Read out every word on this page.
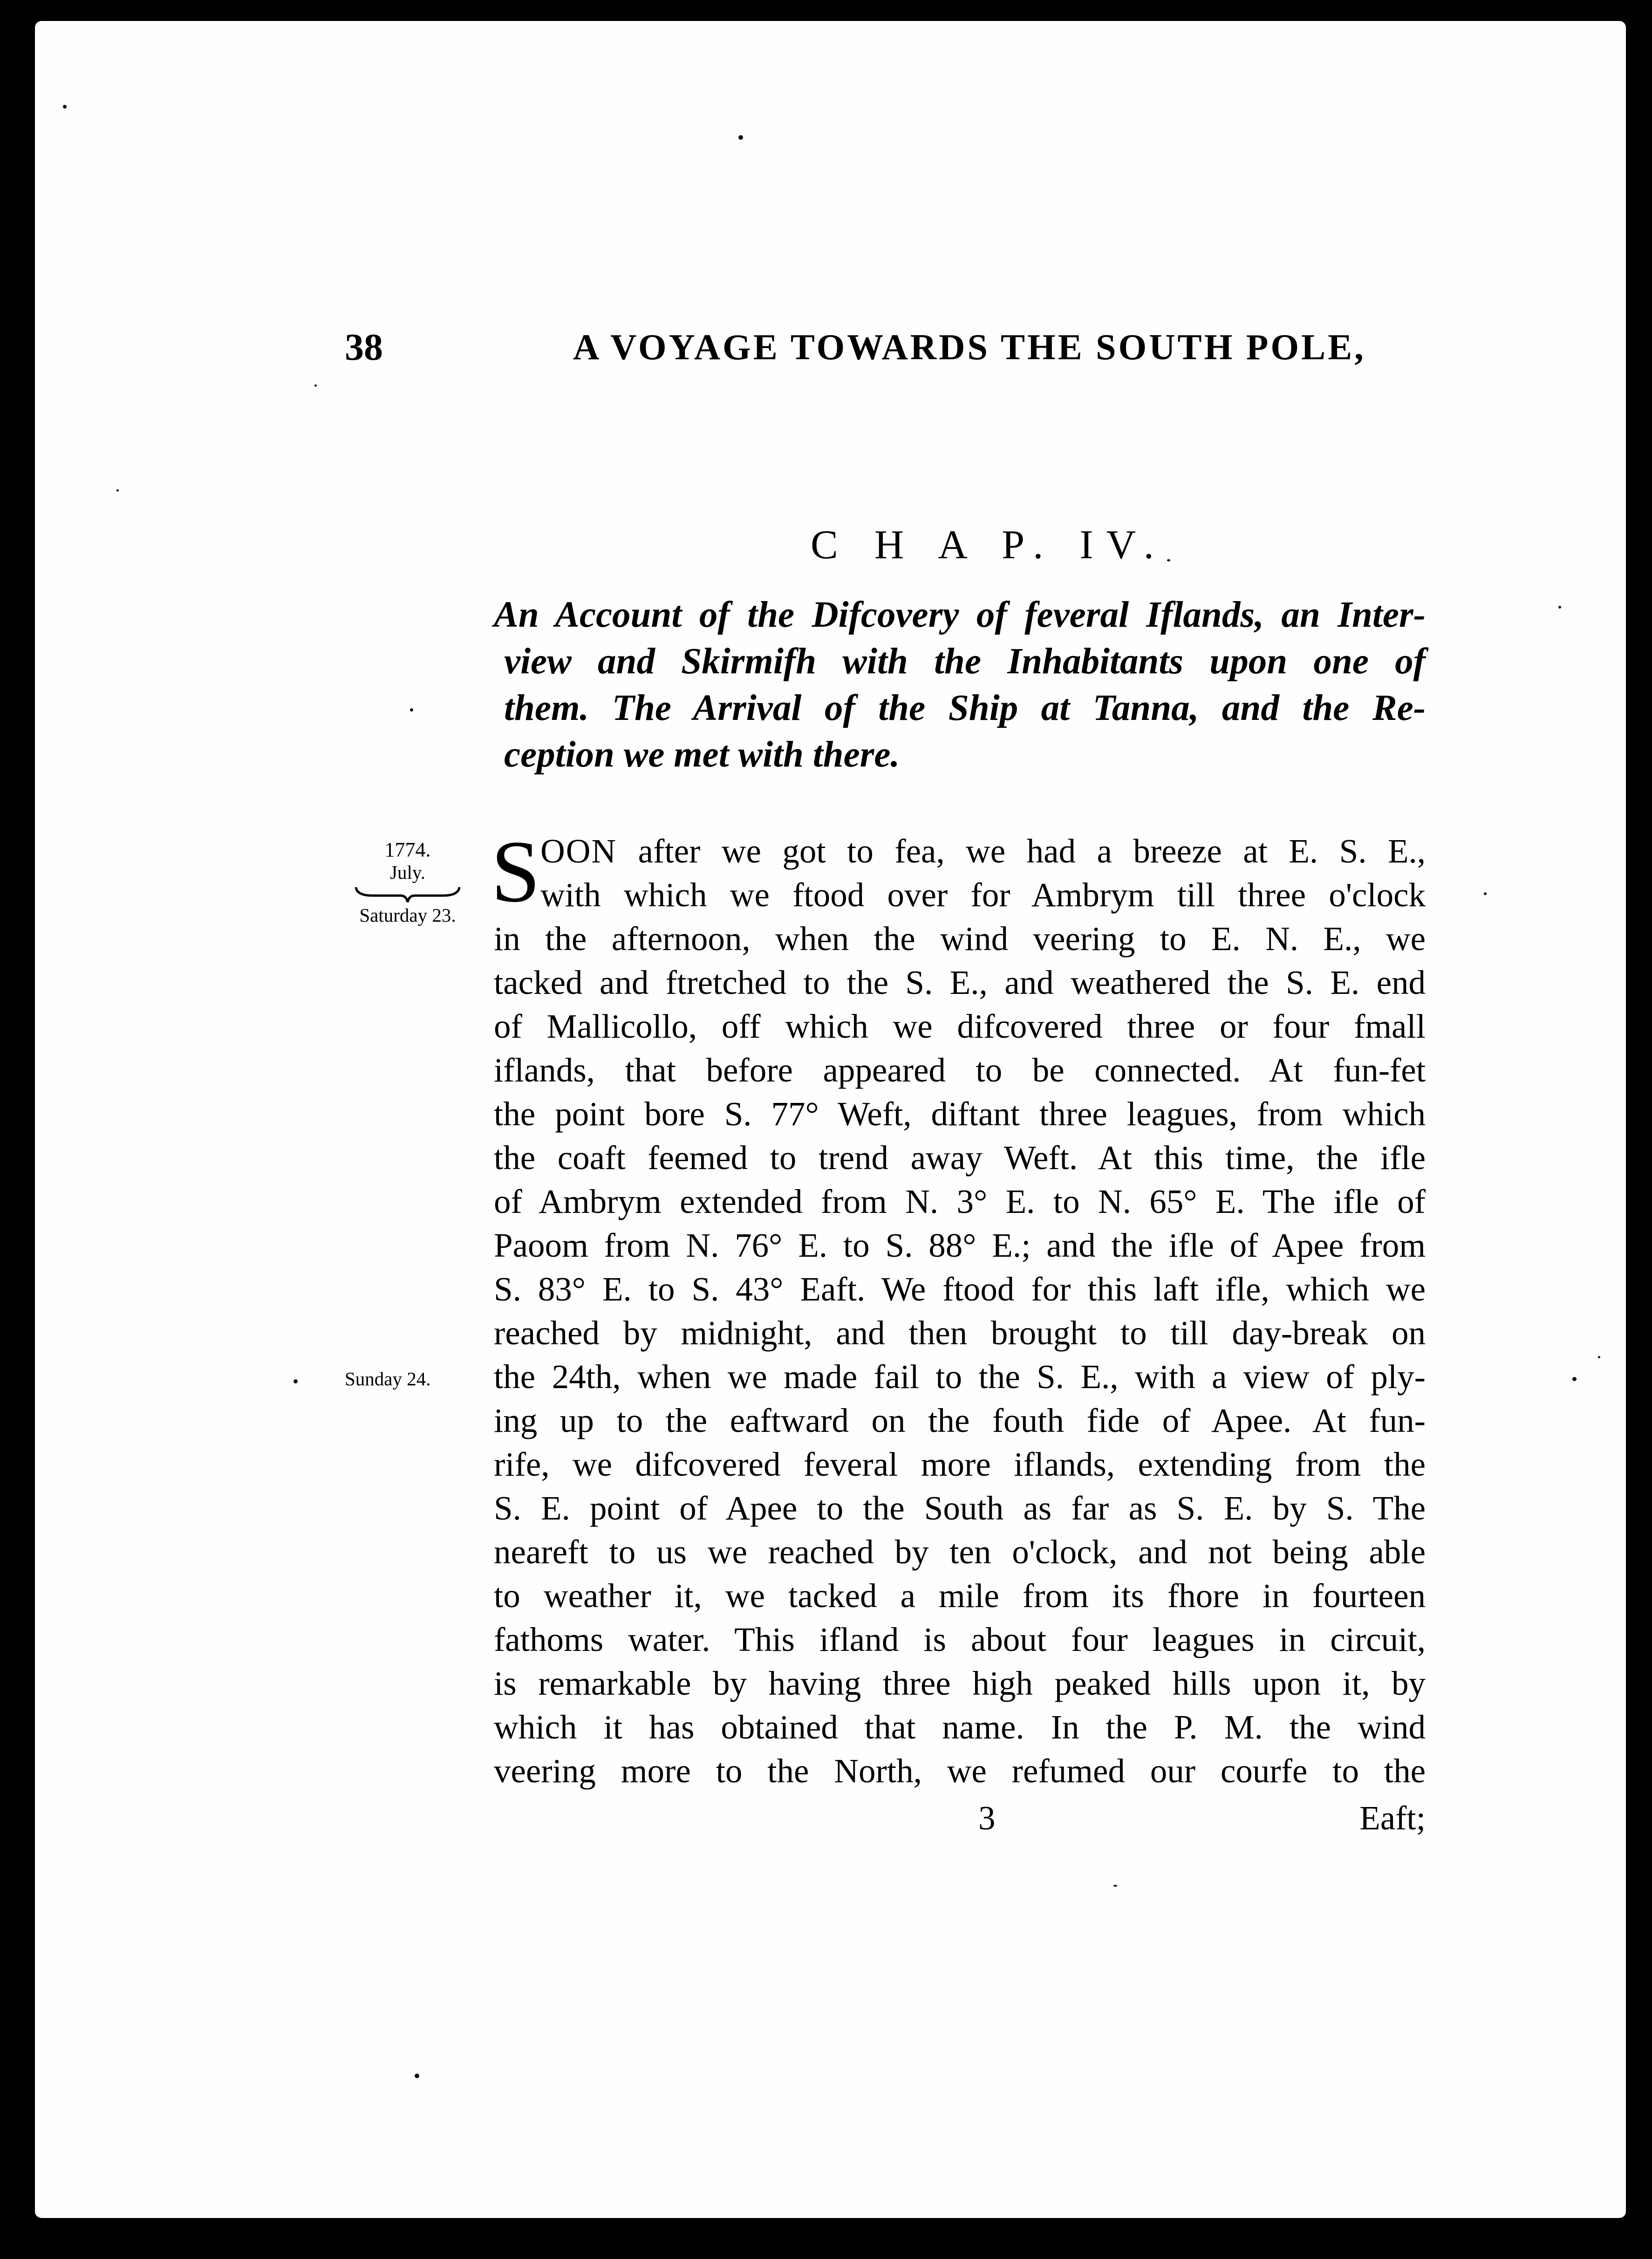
38	A VOYAGE TOWARDS THE SOUTH POLE,
C H A P. IV.
An Account of the Difcovery of feveral Iflands, an Inter-
view and Skirmifh with the Inhabitants upon one of
them. The Arrival of the Ship at Tanna, and the Re-
ception we met with there.
1774.
July.
Saturday 23.
Sunday 24.
S OON after we got to fea, we had a breeze at E. S. E.,
with which we ftood over for Ambrym till three o'clock
in the afternoon, when the wind veering to E. N. E., we
tacked and ftretched to the S. E., and weathered the S. E. end
of Mallicollo, off which we difcovered three or four fmall
iflands, that before appeared to be connected. At fun-fet
the point bore S. 77° Weft, diftant three leagues, from which
the coaft feemed to trend away Weft. At this time, the ifle
of Ambrym extended from N. 3° E. to N. 65° E. The ifle of
Paoom from N. 76° E. to S. 88° E.; and the ifle of Apee from
S. 83° E. to S. 43° Eaft. We ftood for this laft ifle, which we
reached by midnight, and then brought to till day-break on
the 24th, when we made fail to the S. E., with a view of ply-
ing up to the eaftward on the fouth fide of Apee. At fun-
rife, we difcovered feveral more iflands, extending from the
S. E. point of Apee to the South as far as S. E. by S. The
neareft to us we reached by ten o'clock, and not being able
to weather it, we tacked a mile from its fhore in fourteen
fathoms water. This ifland is about four leagues in circuit,
is remarkable by having three high peaked hills upon it, by
which it has obtained that name. In the P. M. the wind
veering more to the North, we refumed our courfe to the
3	Eaft;
